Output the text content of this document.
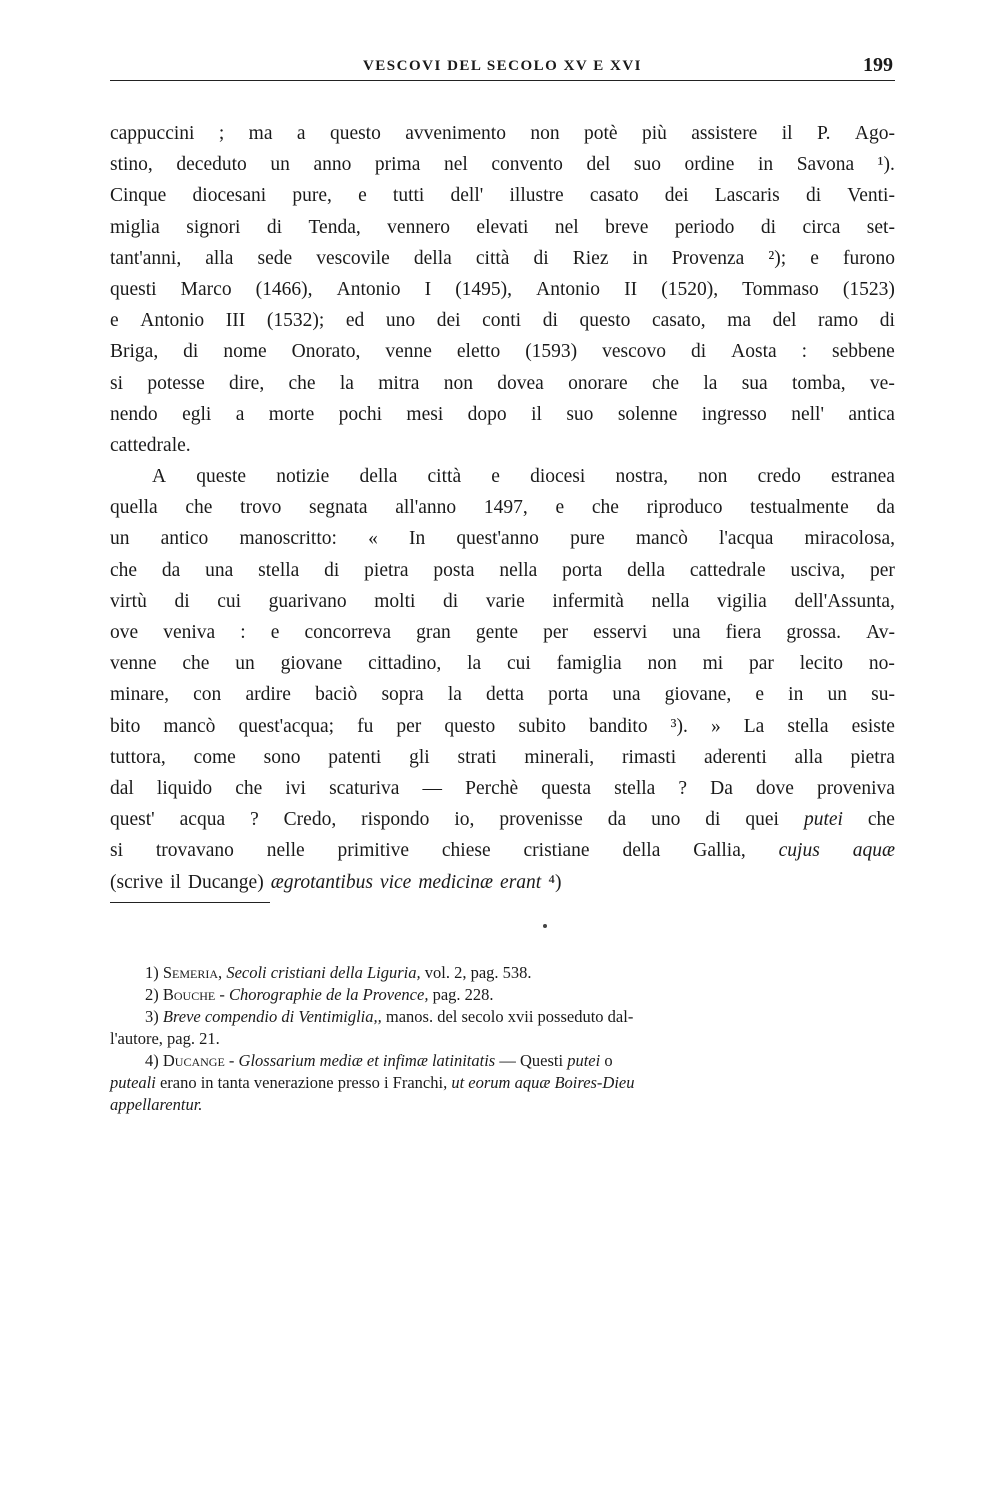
VESCOVI DEL SECOLO XV E XVI	199
cappuccini ; ma a questo avvenimento non potè più assistere il P. Ago-
stino, deceduto un anno prima nel convento del suo ordine in Savona ¹).
Cinque diocesani pure, e tutti dell' illustre casato dei Lascaris di Venti-
miglia signori di Tenda, vennero elevati nel breve periodo di circa set-
tant'anni, alla sede vescovile della città di Riez in Provenza ²); e furono
questi Marco (1466), Antonio I (1495), Antonio II (1520), Tommaso (1523)
e Antonio III (1532); ed uno dei conti di questo casato, ma del ramo di
Briga, di nome Onorato, venne eletto (1593) vescovo di Aosta : sebbene
si potesse dire, che la mitra non dovea onorare che la sua tomba, ve-
nendo egli a morte pochi mesi dopo il suo solenne ingresso nell' antica
cattedrale.
A queste notizie della città e diocesi nostra, non credo estranea
quella che trovo segnata all'anno 1497, e che riproduco testualmente da
un antico manoscritto: « In quest'anno pure mancò l'acqua miracolosa,
che da una stella di pietra posta nella porta della cattedrale usciva, per
virtù di cui guarivano molti di varie infermità nella vigilia dell'Assunta,
ove veniva : e concorreva gran gente per esservi una fiera grossa. Av-
venne che un giovane cittadino, la cui famiglia non mi par lecito no-
minare, con ardire baciò sopra la detta porta una giovane, e in un su-
bito mancò quest'acqua; fu per questo subito bandito ³). » La stella esiste
tuttora, come sono patenti gli strati minerali, rimasti aderenti alla pietra
dal liquido che ivi scaturiva — Perchè questa stella ? Da dove proveniva
quest' acqua ? Credo, rispondo io, provenisse da uno di quei putei che
si trovavano nelle primitive chiese cristiane della Gallia, cujus aquæ
(scrive il Ducange) ægrotantibus vice medicinæ erant ⁴)
1) Semeria, Secoli cristiani della Liguria, vol. 2, pag. 538.
2) Bouche - Chorographie de la Provence, pag. 228.
3) Breve compendio di Ventimiglia,, manos. del secolo xvii posseduto dal-
l'autore, pag. 21.
4) Ducange - Glossarium mediæ et infimæ latinitatis — Questi putei o
puteali erano in tanta venerazione presso i Franchi, ut eorum aquæ Boires-Dieu
appellarentur.
